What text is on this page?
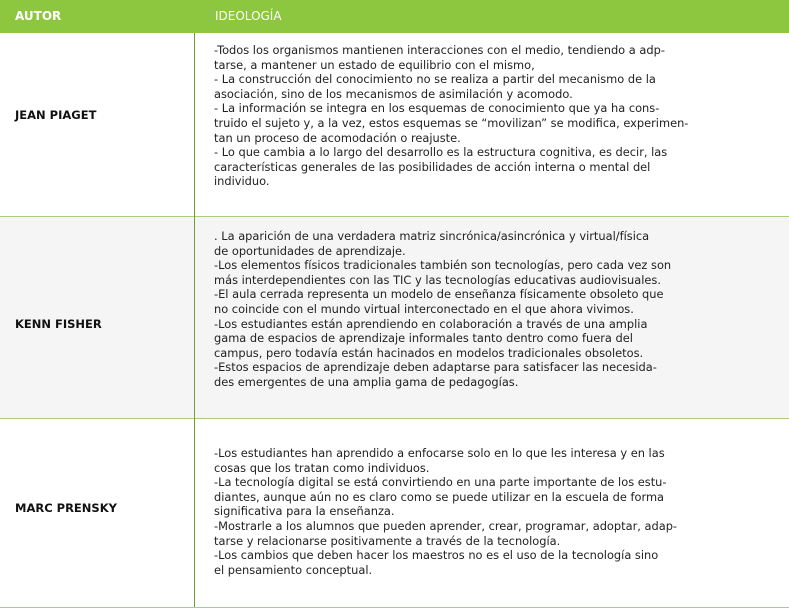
AUTOR	IDEOLOGÍA
JEAN PIAGET

-Todos los organismos mantienen interacciones con el medio, tendiendo a adp-

tarse, a mantener un estado de equilibrio con el mismo,

- La construcción del conocimiento no se realiza a partir del mecanismo de la

asociación, sino de los mecanismos de asimilación y acomodo.

- La información se integra en los esquemas de conocimiento que ya ha cons-

truido el sujeto y, a la vez, estos esquemas se “movilizan” se modifica, experimen-

tan un proceso de acomodación o reajuste.

- Lo que cambia a lo largo del desarrollo es la estructura cognitiva, es decir, las

características generales de las posibilidades de acción interna o mental del

individuo.

KENN FISHER

. La aparición de una verdadera matriz sincrónica/asincrónica y virtual/física

de oportunidades de aprendizaje.

-Los elementos físicos tradicionales también son tecnologías, pero cada vez son

más interdependientes con las TIC y las tecnologías educativas audiovisuales.

-El aula cerrada representa un modelo de enseñanza físicamente obsoleto que

no coincide con el mundo virtual interconectado en el que ahora vivimos.

-Los estudiantes están aprendiendo en colaboración a través de una amplia

gama de espacios de aprendizaje informales tanto dentro como fuera del

campus, pero todavía están hacinados en modelos tradicionales obsoletos.

-Estos espacios de aprendizaje deben adaptarse para satisfacer las necesida-

des emergentes de una amplia gama de pedagogías.

MARC PRENSKY

-Los estudiantes han aprendido a enfocarse solo en lo que les interesa y en las

cosas que los tratan como individuos.

-La tecnología digital se está convirtiendo en una parte importante de los estu-

diantes, aunque aún no es claro como se puede utilizar en la escuela de forma

significativa para la enseñanza.

-Mostrarle a los alumnos que pueden aprender, crear, programar, adoptar, adap-

tarse y relacionarse positivamente a través de la tecnología.

-Los cambios que deben hacer los maestros no es el uso de la tecnología sino

el pensamiento conceptual.
